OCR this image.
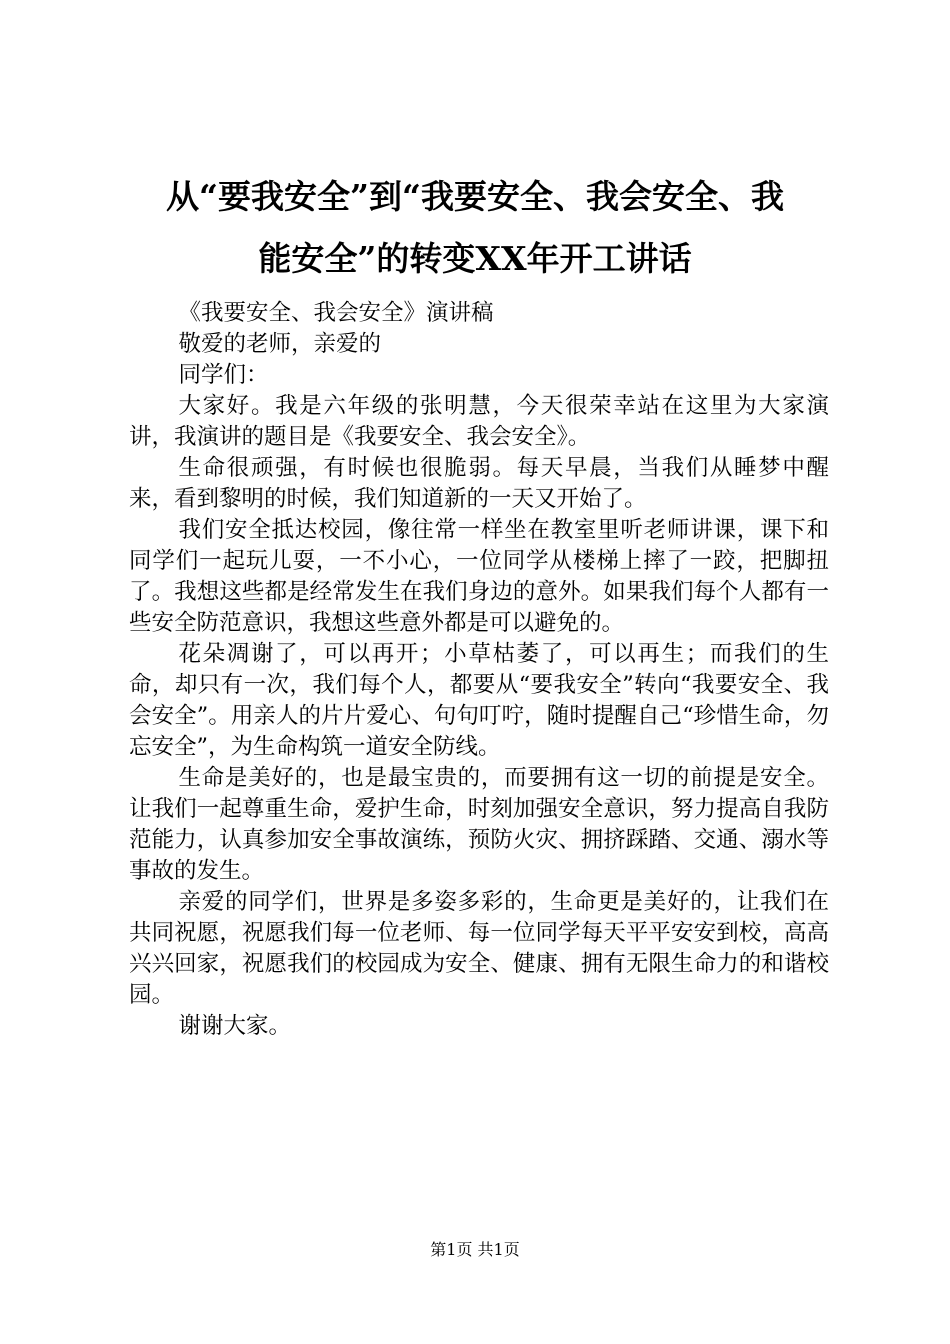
从“要我安全”到“我要安全、我会安全、我
能安全”的转变XX年开工讲话

《我要安全、我会安全》演讲稿

敬爱的老师，亲爱的

同学们：

大家好。我是六年级的张明慧，今天很荣幸站在这里为大家演讲，我演讲的题目是《我要安全、我会安全》。

生命很顽强，有时候也很脆弱。每天早晨，当我们从睡梦中醒来，看到黎明的时候，我们知道新的一天又开始了。

我们安全抵达校园，像往常一样坐在教室里听老师讲课，课下和同学们一起玩儿耍，一不小心，一位同学从楼梯上摔了一跤，把脚扭了。我想这些都是经常发生在我们身边的意外。如果我们每个人都有一些安全防范意识，我想这些意外都是可以避免的。

花朵凋谢了，可以再开；小草枯萎了，可以再生；而我们的生命，却只有一次，我们每个人，都要从“要我安全”转向“我要安全、我会安全”。用亲人的片片爱心、句句叮咛，随时提醒自己“珍惜生命，勿忘安全”，为生命构筑一道安全防线。

生命是美好的，也是最宝贵的，而要拥有这一切的前提是安全。让我们一起尊重生命，爱护生命，时刻加强安全意识，努力提高自我防范能力，认真参加安全事故演练，预防火灾、拥挤踩踏、交通、溺水等事故的发生。

亲爱的同学们，世界是多姿多彩的，生命更是美好的，让我们在共同祝愿，祝愿我们每一位老师、每一位同学每天平平安安到校，高高兴兴回家，祝愿我们的校园成为安全、健康、拥有无限生命力的和谐校园。

谢谢大家。

第1页 共1页
